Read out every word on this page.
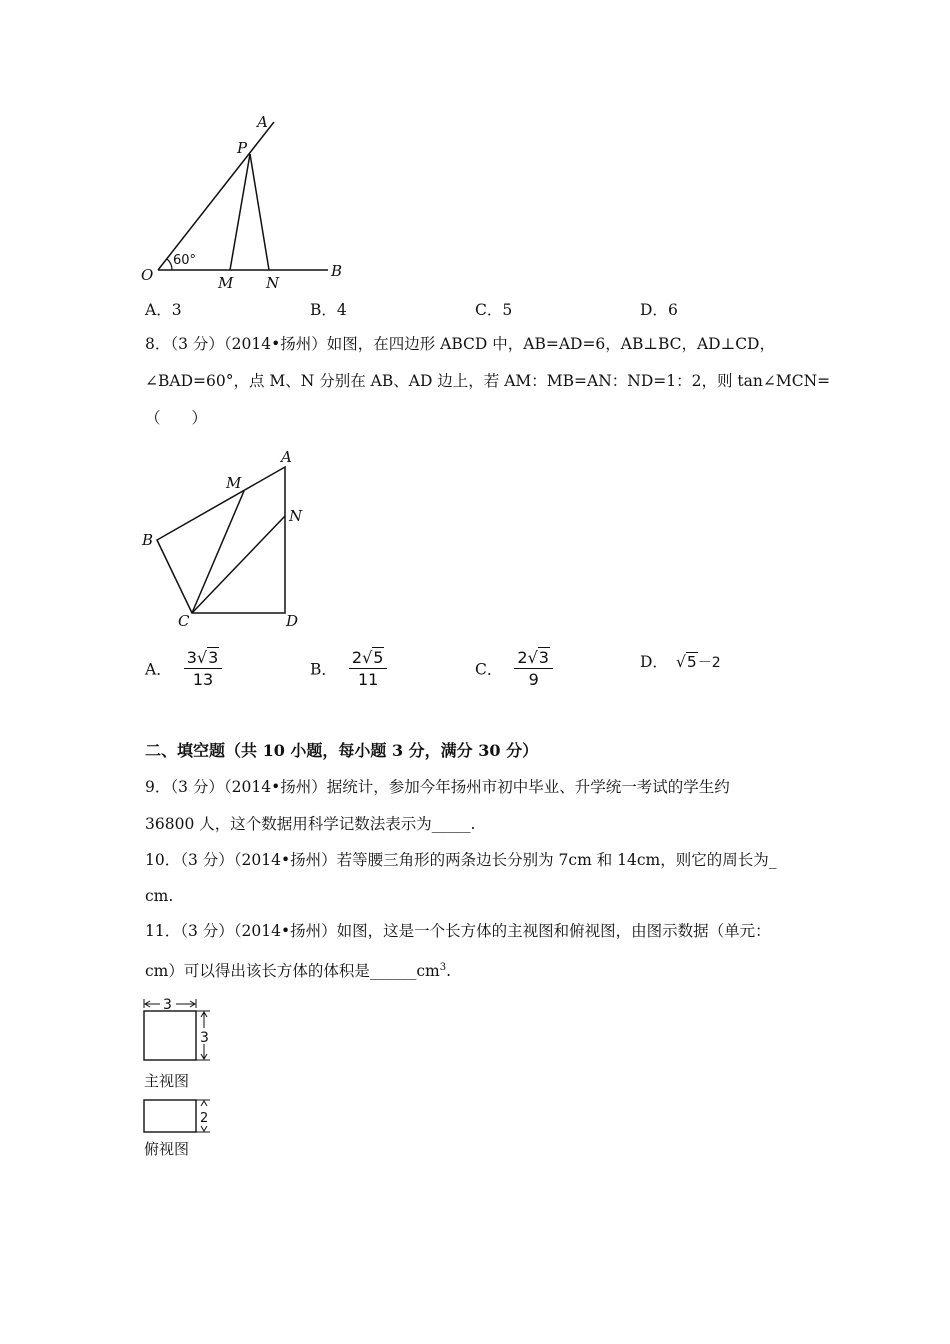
A
P
O
60°
M N
B
A．3	B．4	C．5	D．6
8．（3 分）（2014•扬州）如图，在四边形 ABCD 中，AB=AD=6，AB⊥BC，AD⊥CD，
∠BAD=60°，点 M、N 分别在 AB、AD 边上，若 AM：MB=AN：ND=1：2，则 tan∠MCN=
（　　）
A
M
N
B
C	D
A． $\frac{3√3}{13}$	B． $\frac{2√5}{11}$	C． $\frac{2√3}{9}$	D． √5－2
二、填空题（共 10 小题，每小题 3 分，满分 30 分）
9．（3 分）（2014•扬州）据统计，参加今年扬州市初中毕业、升学统一考试的学生约
36800 人，这个数据用科学记数法表示为_____.
10．（3 分）（2014•扬州）若等腰三角形的两条边长分别为 7cm 和 14cm，则它的周长为_
cm.
11．（3 分）（2014•扬州）如图，这是一个长方体的主视图和俯视图，由图示数据（单元：
cm）可以得出该长方体的体积是$\_\_\_\_\_\_cm^3$.
3
3
主视图
2
俯视图
